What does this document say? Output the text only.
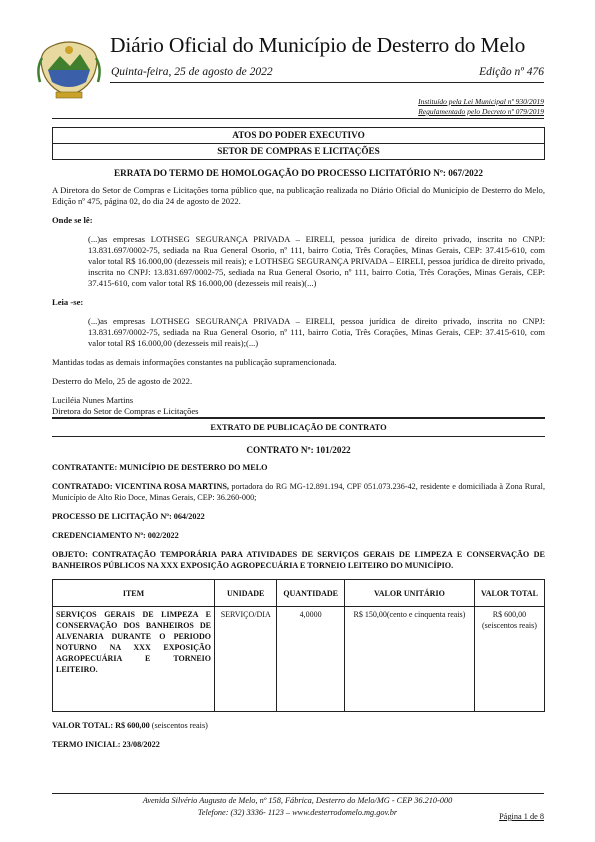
Diário Oficial do Município de Desterro do Melo
Quinta-feira, 25 de agosto de 2022	Edição nº 476
Instituído pela Lei Municipal nº 930/2019
Regulamentado pelo Decreto nº 079/2019
ATOS DO PODER EXECUTIVO
SETOR DE COMPRAS E LICITAÇÕES
ERRATA DO TERMO DE HOMOLOGAÇÃO DO PROCESSO LICITATÓRIO Nº: 067/2022

A Diretora do Setor de Compras e Licitações torna público que, na publicação realizada no Diário Oficial do Município de Desterro do Melo, Edição nº 475, página 02, do dia 24 de agosto de 2022.

Onde se lê:

(...)as empresas LOTHSEG SEGURANÇA PRIVADA – EIRELI, pessoa jurídica de direito privado, inscrita no CNPJ: 13.831.697/0002-75, sediada na Rua General Osorio, nº 111, bairro Cotia, Três Corações, Minas Gerais, CEP: 37.415-610, com valor total R$ 16.000,00 (dezesseis mil reais); e LOTHSEG SEGURANÇA PRIVADA – EIRELI, pessoa jurídica de direito privado, inscrita no CNPJ: 13.831.697/0002-75, sediada na Rua General Osorio, nº 111, bairro Cotia, Três Corações, Minas Gerais, CEP: 37.415-610, com valor total R$ 16.000,00 (dezesseis mil reais)(...)

Leia -se:

(...)as empresas LOTHSEG SEGURANÇA PRIVADA – EIRELI, pessoa jurídica de direito privado, inscrita no CNPJ: 13.831.697/0002-75, sediada na Rua General Osorio, nº 111, bairro Cotia, Três Corações, Minas Gerais, CEP: 37.415-610, com valor total R$ 16.000,00 (dezesseis mil reais);(...)

Mantidas todas as demais informações constantes na publicação supramencionada.

Desterro do Melo, 25 de agosto de 2022.

Luciléia Nunes Martins

Diretora do Setor de Compras e Licitações

EXTRATO DE PUBLICAÇÃO DE CONTRATO
CONTRATO Nº: 101/2022

CONTRATANTE: MUNICÍPIO DE DESTERRO DO MELO

CONTRATADO: VICENTINA ROSA MARTINS, portadora do RG MG-12.891.194, CPF 051.073.236-42, residente e domiciliada à Zona Rural, Município de Alto Rio Doce, Minas Gerais, CEP: 36.260-000;

PROCESSO DE LICITAÇÃO Nº: 064/2022

CREDENCIAMENTO Nº: 002/2022

OBJETO: CONTRATAÇÃO TEMPORÁRIA PARA ATIVIDADES DE SERVIÇOS GERAIS DE LIMPEZA E CONSERVAÇÃO DE BANHEIROS PÚBLICOS NA XXX EXPOSIÇÃO AGROPECUÁRIA E TORNEIO LEITEIRO DO MUNICÍPIO.

ITEM	UNIDADE	QUANTIDADE	VALOR UNITÁRIO	VALOR TOTAL
SERVIÇOS GERAIS DE LIMPEZA E CONSERVAÇÃO DOS BANHEIROS DE ALVENARIA DURANTE O PERIODO NOTURNO NA XXX EXPOSIÇÃO AGROPECUÁRIA E TORNEIO LEITEIRO.	SERVIÇO/DIA	4,0000	R$ 150,00(cento e cinquenta reais)	R$ 600,00
(seiscentos reais)

VALOR TOTAL: R$ 600,00 (seiscentos reais)

TERMO INICIAL: 23/08/2022

Avenida Silvério Augusto de Melo, nº 158, Fábrica, Desterro do Melo/MG - CEP 36.210-000
Telefone: (32) 3336- 1123 – www.desterrodomelo.mg.gov.br	Página 1 de 8
